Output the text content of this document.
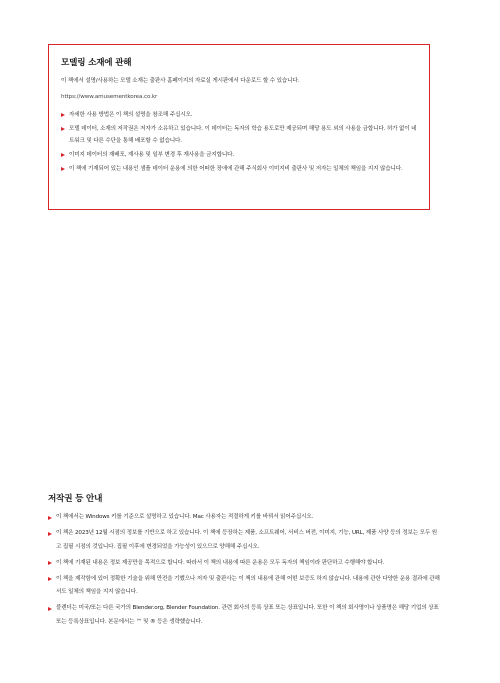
모델링 소재에 관해

이 책에서 설명/사용하는 모델 소재는 출판사 홈페이지의 자료실 게시판에서 다운로드 할 수 있습니다.

https://www.amusementkorea.co.kr

자세한 사용 방법은 이 책의 설명을 참조해 주십시오.
모델 데이터, 소재의 저작권은 저자가 소유하고 있습니다. 이 데이터는 독자의 학습 용도로만 제공되며 해당 용도 외의 사용을 금합니다. 허가 없이 네트워크 및 다른 수단을 통해 배포할 수 없습니다.
이미지 데이터의 재배포, 재사용 및 일부 변경 후 재사용을 금지합니다.
이 책에 기재되어 있는 내용인 샘플 데이터 운용에 의한 어떠한 장애에 관해 주식회사 이미지비 출판사 및 저자는 일체의 책임을 지지 않습니다.
저작권 등 안내
이 책에서는 Windows 키를 기준으로 설명하고 있습니다. Mac 사용자는 적절하게 키를 바꿔서 읽어주십시오.
이 책은 2023년 12월 시점의 정보를 기반으로 하고 있습니다. 이 책에 등장하는 제품, 소프트웨어, 서비스 버전, 이미지, 기능, URL, 제품 사양 등의 정보는 모두 원고 집필 시점의 것입니다. 집필 이후에 변경되었을 가능성이 있으므로 양해해 주십시오.
이 책에 기재된 내용은 정보 제공만을 목적으로 합니다. 따라서 이 책의 내용에 따른 운용은 모두 독자의 책임이라 판단하고 수행해야 합니다.
이 책을 제작함에 있어 정확한 기술을 위해 만전을 기했으나 저자 및 출판사는 이 책의 내용에 관해 어떤 보증도 하지 않습니다. 내용에 관한 다양한 운용 결과에 관해서도 일체의 책임을 지지 않습니다.
블렌더는 미국/또는 다른 국가의 Blender.org, Blender Foundation. 관련 회사의 등록 상표 또는 상표입니다. 또한 이 책의 회사명이나 상품명은 해당 기업의 상표 또는 등록상표입니다. 본문에서는 ™ 및 ® 등은 생략했습니다.
